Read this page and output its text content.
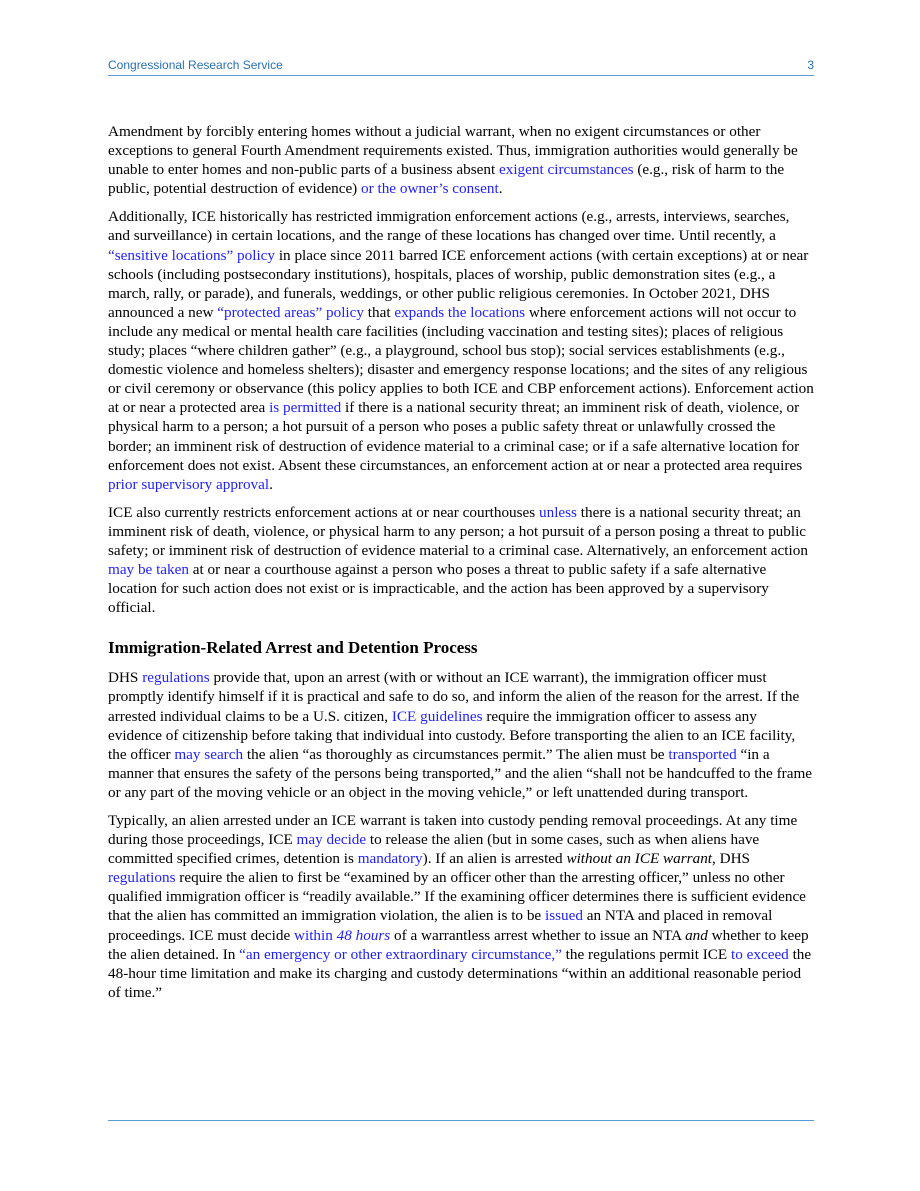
Congressional Research Service	3

Amendment by forcibly entering homes without a judicial warrant, when no exigent circumstances or other exceptions to general Fourth Amendment requirements existed. Thus, immigration authorities would generally be unable to enter homes and non-public parts of a business absent exigent circumstances (e.g., risk of harm to the public, potential destruction of evidence) or the owner’s consent.

Additionally, ICE historically has restricted immigration enforcement actions (e.g., arrests, interviews, searches, and surveillance) in certain locations, and the range of these locations has changed over time. Until recently, a “sensitive locations” policy in place since 2011 barred ICE enforcement actions (with certain exceptions) at or near schools (including postsecondary institutions), hospitals, places of worship, public demonstration sites (e.g., a march, rally, or parade), and funerals, weddings, or other public religious ceremonies. In October 2021, DHS announced a new “protected areas” policy that expands the locations where enforcement actions will not occur to include any medical or mental health care facilities (including vaccination and testing sites); places of religious study; places “where children gather” (e.g., a playground, school bus stop); social services establishments (e.g., domestic violence and homeless shelters); disaster and emergency response locations; and the sites of any religious or civil ceremony or observance (this policy applies to both ICE and CBP enforcement actions). Enforcement action at or near a protected area is permitted if there is a national security threat; an imminent risk of death, violence, or physical harm to a person; a hot pursuit of a person who poses a public safety threat or unlawfully crossed the border; an imminent risk of destruction of evidence material to a criminal case; or if a safe alternative location for enforcement does not exist. Absent these circumstances, an enforcement action at or near a protected area requires prior supervisory approval.

ICE also currently restricts enforcement actions at or near courthouses unless there is a national security threat; an imminent risk of death, violence, or physical harm to any person; a hot pursuit of a person posing a threat to public safety; or imminent risk of destruction of evidence material to a criminal case. Alternatively, an enforcement action may be taken at or near a courthouse against a person who poses a threat to public safety if a safe alternative location for such action does not exist or is impracticable, and the action has been approved by a supervisory official.

Immigration-Related Arrest and Detention Process

DHS regulations provide that, upon an arrest (with or without an ICE warrant), the immigration officer must promptly identify himself if it is practical and safe to do so, and inform the alien of the reason for the arrest. If the arrested individual claims to be a U.S. citizen, ICE guidelines require the immigration officer to assess any evidence of citizenship before taking that individual into custody. Before transporting the alien to an ICE facility, the officer may search the alien “as thoroughly as circumstances permit.” The alien must be transported “in a manner that ensures the safety of the persons being transported,” and the alien “shall not be handcuffed to the frame or any part of the moving vehicle or an object in the moving vehicle,” or left unattended during transport.

Typically, an alien arrested under an ICE warrant is taken into custody pending removal proceedings. At any time during those proceedings, ICE may decide to release the alien (but in some cases, such as when aliens have committed specified crimes, detention is mandatory). If an alien is arrested without an ICE warrant, DHS regulations require the alien to first be “examined by an officer other than the arresting officer,” unless no other qualified immigration officer is “readily available.” If the examining officer determines there is sufficient evidence that the alien has committed an immigration violation, the alien is to be issued an NTA and placed in removal proceedings. ICE must decide within 48 hours of a warrantless arrest whether to issue an NTA and whether to keep the alien detained. In “an emergency or other extraordinary circumstance,” the regulations permit ICE to exceed the 48-hour time limitation and make its charging and custody determinations “within an additional reasonable period of time.”
